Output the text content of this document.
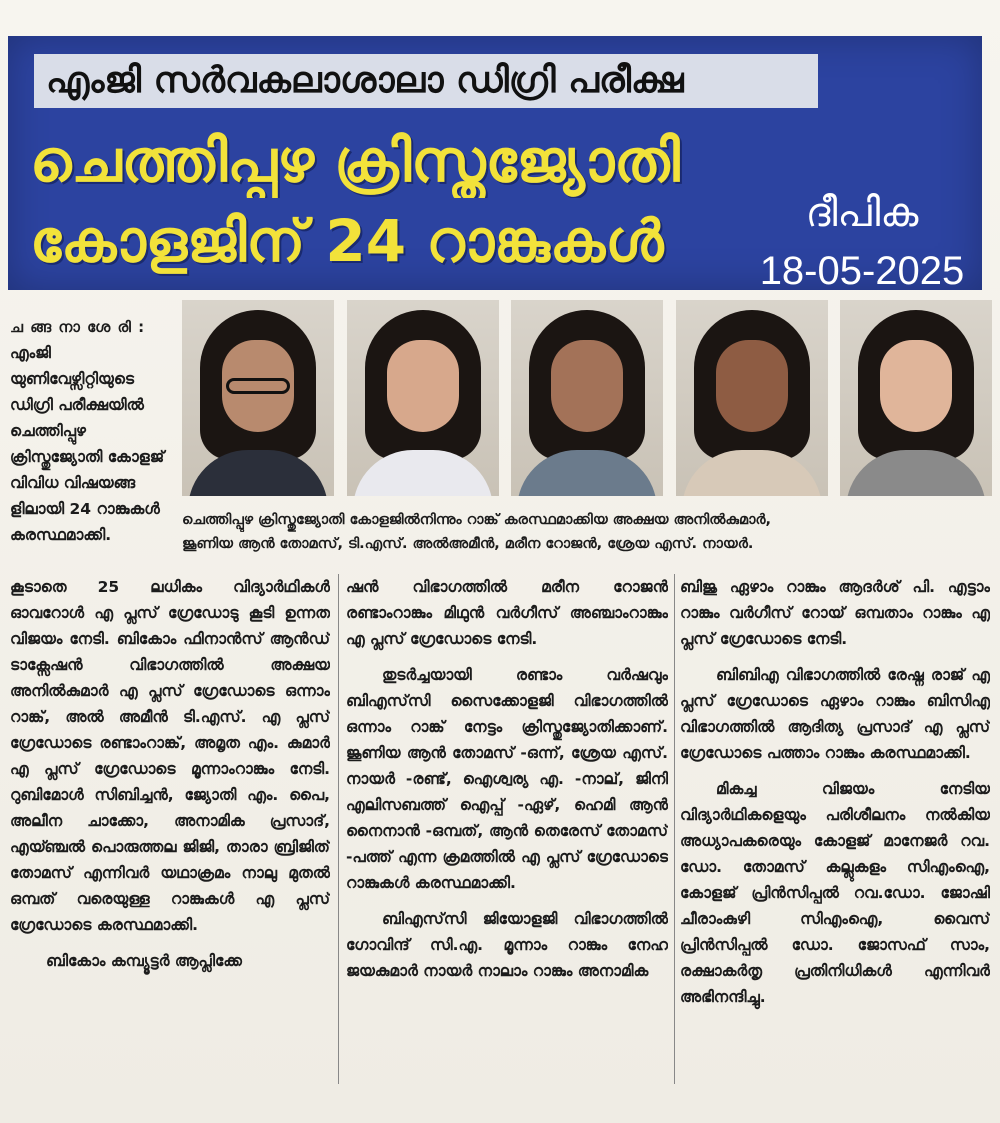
എംജി സർവകലാശാലാ ഡിഗ്രി പരീക്ഷ
ചെത്തിപ്പുഴ ക്രിസ്തുജ്യോതി
കോളജിന് 24 റാങ്കുകൾ	ദീപിക
18-05-2025
ച ങ്ങ നാ ശേ രി :
എംജി യുണിവേഴ്സിറ്റിയുടെ ഡിഗ്രി പരീക്ഷയിൽ ചെത്തിപ്പുഴ ക്രിസ്തുജ്യോതി കോളജ് വിവിധ വിഷയങ്ങളിലായി 24 റാങ്കുകൾ കരസ്ഥമാക്കി.
ചെത്തിപ്പുഴ ക്രിസ്തുജ്യോതി കോളജിൽനിന്നും റാങ്ക് കരസ്ഥമാക്കിയ അക്ഷയ അനിൽകുമാർ,
ജൂണിയ ആൻ തോമസ്, ടി.എസ്. അൽഅമീൻ, മരീന റോജൻ, ശ്രേയ എസ്. നായർ.

കൂടാതെ 25 ലധികം വിദ്യാർഥികൾ ഓവറോൾ എ പ്ലസ് ഗ്രേഡോടു കൂടി ഉന്നത വിജയം നേടി. ബികോം ഫിനാൻസ് ആൻഡ് ടാക്സേഷൻ വിഭാഗത്തിൽ അക്ഷയ അനിൽകുമാർ എ പ്ലസ് ഗ്രേഡോടെ ഒന്നാം റാങ്ക്, അൽ അമീൻ ടി.എസ്. എ പ്ലസ് ഗ്രേഡോടെ രണ്ടാംറാങ്ക്, അമൃത എം. കുമാർ എ പ്ലസ് ഗ്രേഡോടെ മൂന്നാംറാങ്കും നേടി. റുബിമോൾ സിബിച്ചൻ, ജ്യോതി എം. പൈ, അലീന ചാക്കോ, അനാമിക പ്രസാദ്, എയ്ഞ്ചൽ പൊരുത്തല ജിജി, താരാ ബ്രിജിത് തോമസ് എന്നിവർ യഥാക്രമം നാലു മുതൽ ഒമ്പത് വരെയുള്ള റാങ്കുകൾ എ പ്ലസ് ഗ്രേഡോടെ കരസ്ഥമാക്കി.

ബികോം കമ്പ്യൂട്ടർ ആപ്ലിക്കേ

ഷൻ വിഭാഗത്തിൽ മരീന റോജൻ രണ്ടാംറാങ്കും മിഥുൻ വർഗീസ് അഞ്ചാംറാങ്കും എ പ്ലസ് ഗ്രേഡോടെ നേടി.

തുടർച്ചയായി രണ്ടാം വർഷവും ബിഎസ്‌സി സൈക്കോളജി വിഭാഗത്തിൽ ഒന്നാം റാങ്ക് നേട്ടം ക്രിസ്തുജ്യോതിക്കാണ്. ജൂണിയ ആൻ തോമസ് -ഒന്ന്, ശ്രേയ എസ്. നായർ -രണ്ട്, ഐശ്വര്യ എ. -നാല്, ജിനി എലിസബത്ത് ഐപ്പ് -ഏഴ്, ഹെമി ആൻ നൈനാൻ -ഒമ്പത്, ആൻ തെരേസ് തോമസ് -പത്ത് എന്ന ക്രമത്തിൽ എ പ്ലസ് ഗ്രേഡോടെ റാങ്കുകൾ കരസ്ഥമാക്കി.

ബിഎസ്‌സി ജിയോളജി വിഭാഗത്തിൽ ഗോവിന്ദ് സി.എ. മൂന്നാം റാങ്കും നേഹ ജയകുമാർ നായർ നാലാം റാങ്കും അനാമിക

ബിജു ഏഴാം റാങ്കും ആദർശ് പി. എട്ടാം റാങ്കും വർഗീസ് റോയ് ഒമ്പതാം റാങ്കും എ പ്ലസ് ഗ്രേഡോടെ നേടി.

ബിബിഎ വിഭാഗത്തിൽ രേഷ്ന രാജ് എ പ്ലസ് ഗ്രേഡോടെ ഏഴാം റാങ്കും ബിസിഎ വിഭാഗത്തിൽ ആദിത്യ പ്രസാദ് എ പ്ലസ് ഗ്രേഡോടെ പത്താം റാങ്കും കരസ്ഥമാക്കി.

മികച്ച വിജയം നേടിയ വിദ്യാർഥികളെയും പരിശീലനം നൽകിയ അധ്യാപകരെയും കോളജ് മാനേജർ റവ. ഡോ. തോമസ് കല്ലുകളം സിഎംഐ, കോളജ് പ്രിൻസിപ്പൽ റവ.ഡോ. ജോഷി ചീരാംകുഴി സിഎംഐ, വൈസ് പ്രിൻസിപ്പൽ ഡോ. ജോസഫ് സാം, രക്ഷാകർതൃ പ്രതിനിധികൾ എന്നിവർ അഭിനന്ദിച്ചു.
